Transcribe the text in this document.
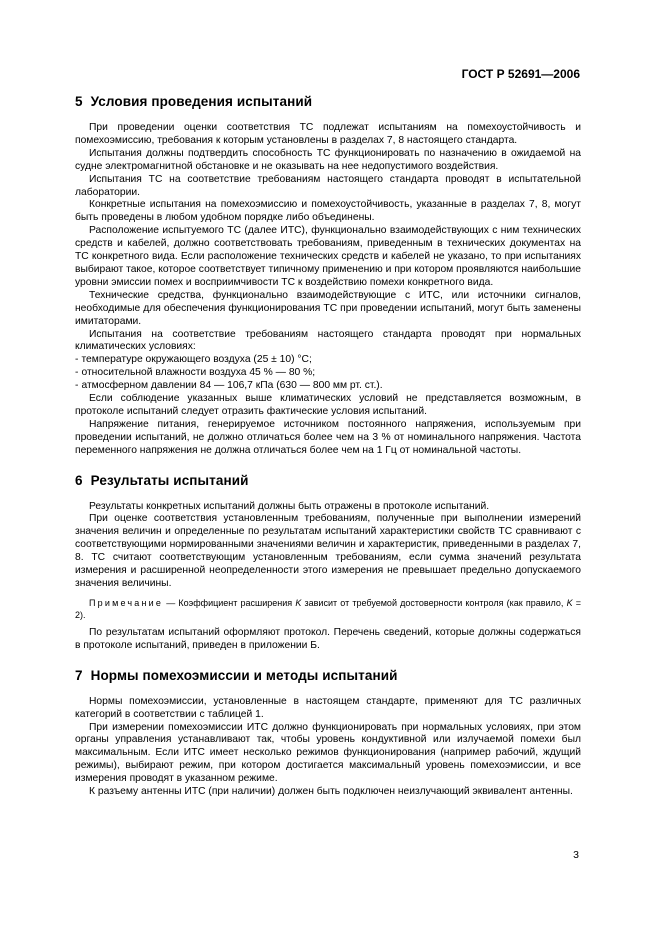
ГОСТ Р 52691—2006
5 Условия проведения испытаний

При проведении оценки соответствия ТС подлежат испытаниям на помехоустойчивость и помехоэмиссию, требования к которым установлены в разделах 7, 8 настоящего стандарта.

Испытания должны подтвердить способность ТС функционировать по назначению в ожидаемой на судне электромагнитной обстановке и не оказывать на нее недопустимого воздействия.

Испытания ТС на соответствие требованиям настоящего стандарта проводят в испытательной лаборатории.

Конкретные испытания на помехоэмиссию и помехоустойчивость, указанные в разделах 7, 8, могут быть проведены в любом удобном порядке либо объединены.

Расположение испытуемого ТС (далее ИТС), функционально взаимодействующих с ним технических средств и кабелей, должно соответствовать требованиям, приведенным в технических документах на ТС конкретного вида. Если расположение технических средств и кабелей не указано, то при испытаниях выбирают такое, которое соответствует типичному применению и при котором проявляются наибольшие уровни эмиссии помех и восприимчивости ТС к воздействию помехи конкретного вида.

Технические средства, функционально взаимодействующие с ИТС, или источники сигналов, необходимые для обеспечения функционирования ТС при проведении испытаний, могут быть заменены имитаторами.

Испытания на соответствие требованиям настоящего стандарта проводят при нормальных климатических условиях:

- температуре окружающего воздуха (25 ± 10) °С;

- относительной влажности воздуха 45 % — 80 %;

- атмосферном давлении 84 — 106,7 кПа (630 — 800 мм рт. ст.).

Если соблюдение указанных выше климатических условий не представляется возможным, в протоколе испытаний следует отразить фактические условия испытаний.

Напряжение питания, генерируемое источником постоянного напряжения, используемым при проведении испытаний, не должно отличаться более чем на 3 % от номинального напряжения. Частота переменного напряжения не должна отличаться более чем на 1 Гц от номинальной частоты.

6 Результаты испытаний

Результаты конкретных испытаний должны быть отражены в протоколе испытаний.

При оценке соответствия установленным требованиям, полученные при выполнении измерений значения величин и определенные по результатам испытаний характеристики свойств ТС сравнивают с соответствующими нормированными значениями величин и характеристик, приведенными в разделах 7, 8. ТС считают соответствующим установленным требованиям, если сумма значений результата измерения и расширенной неопределенности этого измерения не превышает предельно допускаемого значения величины.

Примечание — Коэффициент расширения K зависит от требуемой достоверности контроля (как правило, K = 2).

По результатам испытаний оформляют протокол. Перечень сведений, которые должны содержаться в протоколе испытаний, приведен в приложении Б.

7 Нормы помехоэмиссии и методы испытаний

Нормы помехоэмиссии, установленные в настоящем стандарте, применяют для ТС различных категорий в соответствии с таблицей 1.

При измерении помехоэмиссии ИТС должно функционировать при нормальных условиях, при этом органы управления устанавливают так, чтобы уровень кондуктивной или излучаемой помехи был максимальным. Если ИТС имеет несколько режимов функционирования (например рабочий, ждущий режимы), выбирают режим, при котором достигается максимальный уровень помехоэмиссии, и все измерения проводят в указанном режиме.

К разъему антенны ИТС (при наличии) должен быть подключен неизлучающий эквивалент антенны.

3
